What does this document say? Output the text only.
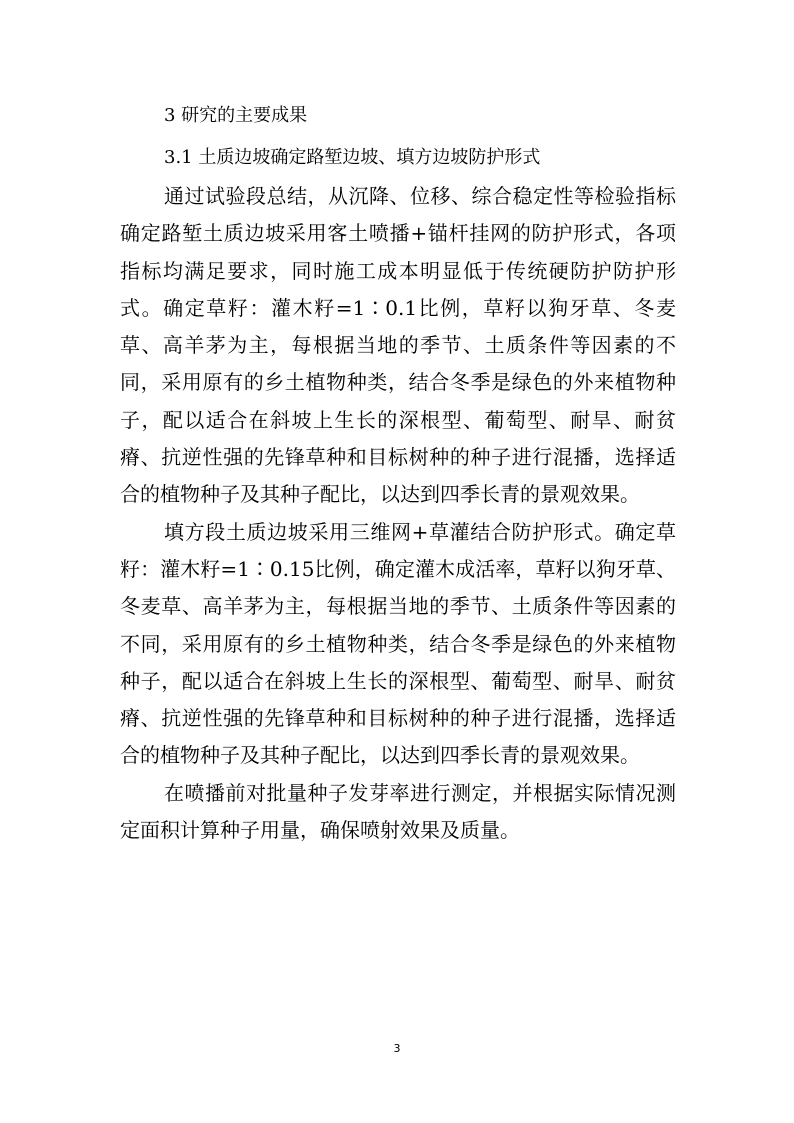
3 研究的主要成果

3.1 土质边坡确定路堑边坡、填方边坡防护形式

通过试验段总结，从沉降、位移、综合稳定性等检验指标确定路堑土质边坡采用客土喷播+锚杆挂网的防护形式，各项指标均满足要求，同时施工成本明显低于传统硬防护防护形式。确定草籽：灌木籽=1∶0.1比例，草籽以狗牙草、冬麦草、高羊茅为主，每根据当地的季节、土质条件等因素的不同，采用原有的乡土植物种类，结合冬季是绿色的外来植物种子，配以适合在斜坡上生长的深根型、葡萄型、耐旱、耐贫瘠、抗逆性强的先锋草种和目标树种的种子进行混播，选择适合的植物种子及其种子配比，以达到四季长青的景观效果。

填方段土质边坡采用三维网+草灌结合防护形式。确定草籽：灌木籽=1∶0.15比例，确定灌木成活率，草籽以狗牙草、冬麦草、高羊茅为主，每根据当地的季节、土质条件等因素的不同，采用原有的乡土植物种类，结合冬季是绿色的外来植物种子，配以适合在斜坡上生长的深根型、葡萄型、耐旱、耐贫瘠、抗逆性强的先锋草种和目标树种的种子进行混播，选择适合的植物种子及其种子配比，以达到四季长青的景观效果。

在喷播前对批量种子发芽率进行测定，并根据实际情况测定面积计算种子用量，确保喷射效果及质量。

3
